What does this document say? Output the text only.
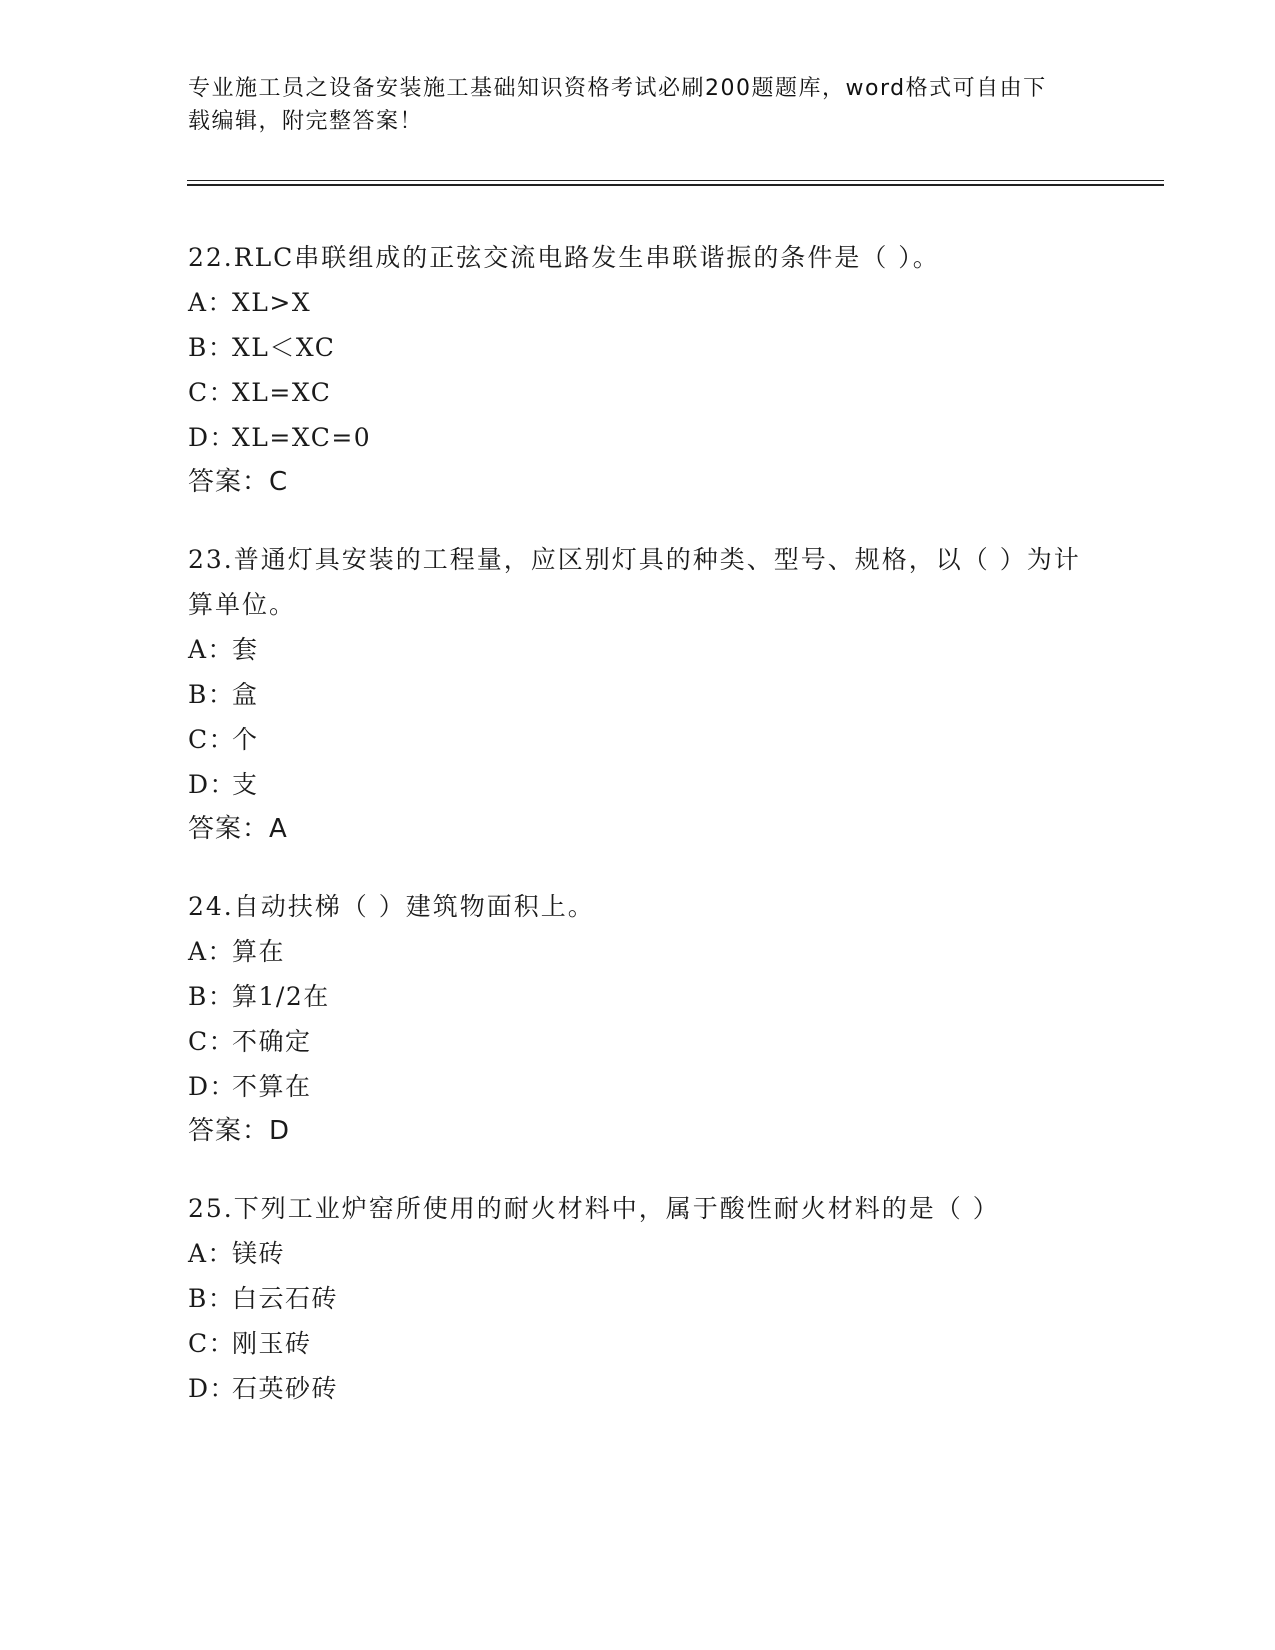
专业施工员之设备安装施工基础知识资格考试必刷200题题库，word格式可自由下载编辑，附完整答案！

22.RLC串联组成的正弦交流电路发生串联谐振的条件是（ ）。

A：
XL>X

B：
XL＜XC

C：
XL=XC

D：
XL=XC=0

答案：C

23.普通灯具安装的工程量，应区别灯具的种类、型号、规格，以（ ）为计算单位。

A：
套

B：
盒

C：
个

D：
支

答案：A

24.自动扶梯（ ）建筑物面积上。

A：
算在

B：
算1/2在

C：
不确定

D：
不算在

答案：D

25.下列工业炉窑所使用的耐火材料中，属于酸性耐火材料的是（ ）

A：
镁砖

B：
白云石砖

C：
刚玉砖

D：
石英砂砖
